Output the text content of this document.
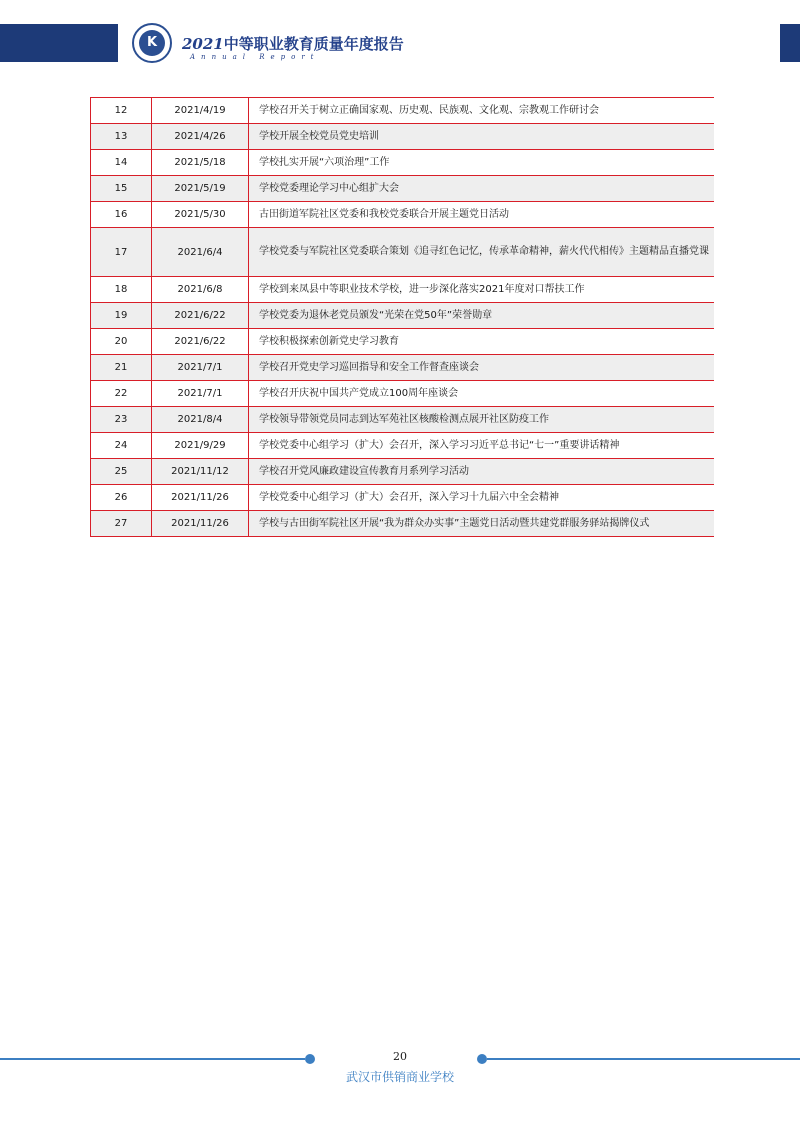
K	2021中等职业教育质量年度报告
Annual Report
12	2021/4/19	学校召开关于树立正确国家观、历史观、民族观、文化观、宗教观工作研讨会
13	2021/4/26	学校开展全校党员党史培训
14	2021/5/18	学校扎实开展“六项治理”工作
15	2021/5/19	学校党委理论学习中心组扩大会
16	2021/5/30	古田街道军院社区党委和我校党委联合开展主题党日活动
17	2021/6/4	学校党委与军院社区党委联合策划《追寻红色记忆，传承革命精神，薪火代代相传》主题精品直播党课
18	2021/6/8	学校到来凤县中等职业技术学校，进一步深化落实2021年度对口帮扶工作
19	2021/6/22	学校党委为退休老党员颁发“光荣在党50年”荣誉勋章
20	2021/6/22	学校积极探索创新党史学习教育
21	2021/7/1	学校召开党史学习巡回指导和安全工作督查座谈会
22	2021/7/1	学校召开庆祝中国共产党成立100周年座谈会
23	2021/8/4	学校领导带领党员同志到达军苑社区核酸检测点展开社区防疫工作
24	2021/9/29	学校党委中心组学习（扩大）会召开，深入学习习近平总书记“七一”重要讲话精神
25	2021/11/12	学校召开党风廉政建设宣传教育月系列学习活动
26	2021/11/26	学校党委中心组学习（扩大）会召开，深入学习十九届六中全会精神
27	2021/11/26	学校与古田街军院社区开展“我为群众办实事”主题党日活动暨共建党群服务驿站揭牌仪式
20
武汉市供销商业学校
